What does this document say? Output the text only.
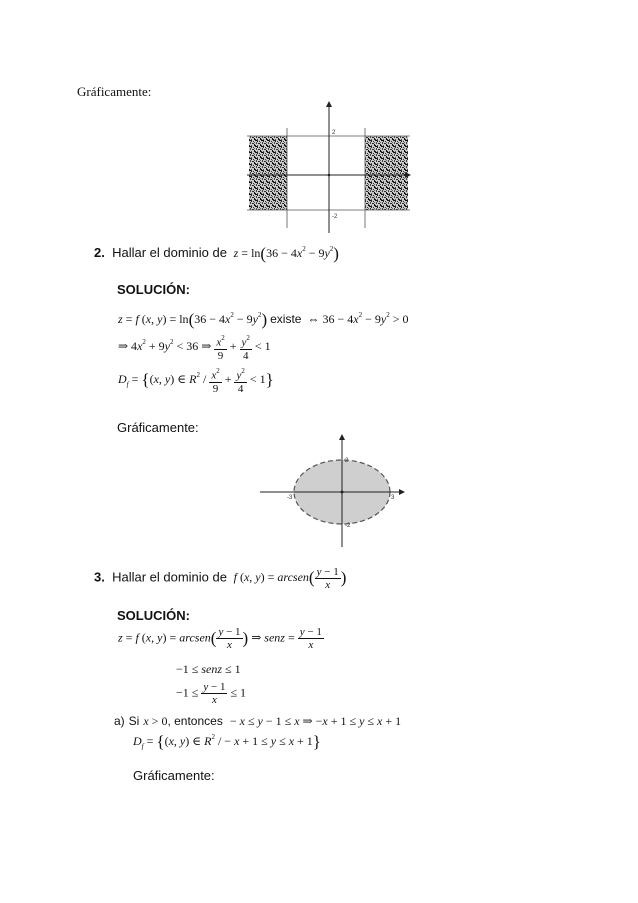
Gráficamente:
2
-2
2. Hallar el dominio de  $z = \ln(36 - 4x^2 - 9y^2)$
SOLUCIÓN:
z = f (x, $y) = \ln(36 - 4x^2 - 9y^2)$ existe  ⇔ $36 - 4x^2 - 9y^2 > 0$
⇒ $4x^2 + 9y^2 < 36$ ⇒ $\frac{x^2}{9} + \frac{y^2}{4} < 1$
$D_f = \{(x$, y) ∈ $R^2 / \frac{x^2}{9} + \frac{y^2}{4} < 1$}
Gráficamente:
2
-2
-3	3
3. Hallar el dominio de  f (x, y) = arcsen( $\frac{y - 1}{x}$ )
SOLUCIÓN:
z = f (x, y) = arcsen( $\frac{y - 1}{x}$ ) ⇒ senz = $\frac{y - 1}{x}$
−1 ≤ senz ≤ 1
$-1 \le \frac{y - 1}{x} \le 1$
a) Si x > 0, entonces − x ≤ y − 1 ≤ x ⇒ −x + 1 ≤ y ≤ x + 1
$D_f = \{(x$, y) ∈ $R^2$ / − x + 1 ≤ y ≤ x + 1}
Gráficamente:
